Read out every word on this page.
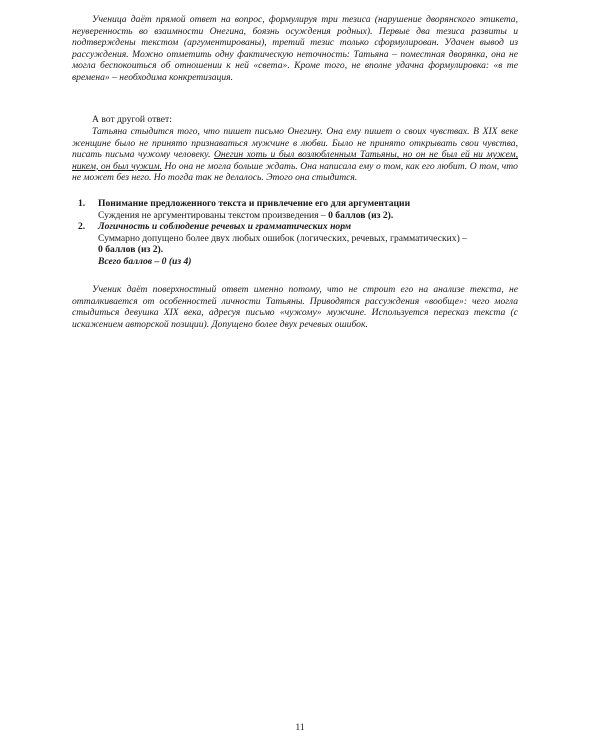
Ученица даёт прямой ответ на вопрос, формулируя три тезиса (нарушение дворянского этикета, неуверенность во взаимности Онегина, боязнь осуждения родных). Первые два тезиса развиты и подтверждены текстом (аргументированы), третий тезис только сформулирован. Удачен вывод из рассуждения. Можно отметить одну фактическую неточность: Татьяна – поместная дворянка, она не могла беспокоиться об отношении к ней «света». Кроме того, не вполне удачна формулировка: «в те времена» – необходима конкретизация.
А вот другой ответ:
Татьяна стыдится того, что пишет письмо Онегину. Она ему пишет о своих чувствах. В XIX веке женщине было не принято признаваться мужчине в любви. Было не принято открывать свои чувства, писать письма чужому человеку. Онегин хоть и был возлюбленным Татьяны, но он не был ей ни мужем, никем, он был чужим. Но она не могла больше ждать. Она написала ему о том, как его любит. О том, что не может без него. Но тогда так не делалось. Этого она стыдится.
1.	Понимание предложенного текста и привлечение его для аргументации
Суждения не аргументированы текстом произведения – 0 баллов (из 2).
2.	Логичность и соблюдение речевых и грамматических норм
Суммарно допущено более двух любых ошибок (логических, речевых, грамматических) –
0 баллов (из 2).
Всего баллов – 0 (из 4)
Ученик даёт поверхностный ответ именно потому, что не строит его на анализе текста, не отталкивается от особенностей личности Татьяны. Приводятся рассуждения «вообще»: чего могла стыдиться девушка XIX века, адресуя письмо «чужому» мужчине. Используется пересказ текста (с искажением авторской позиции). Допущено более двух речевых ошибок.
11
